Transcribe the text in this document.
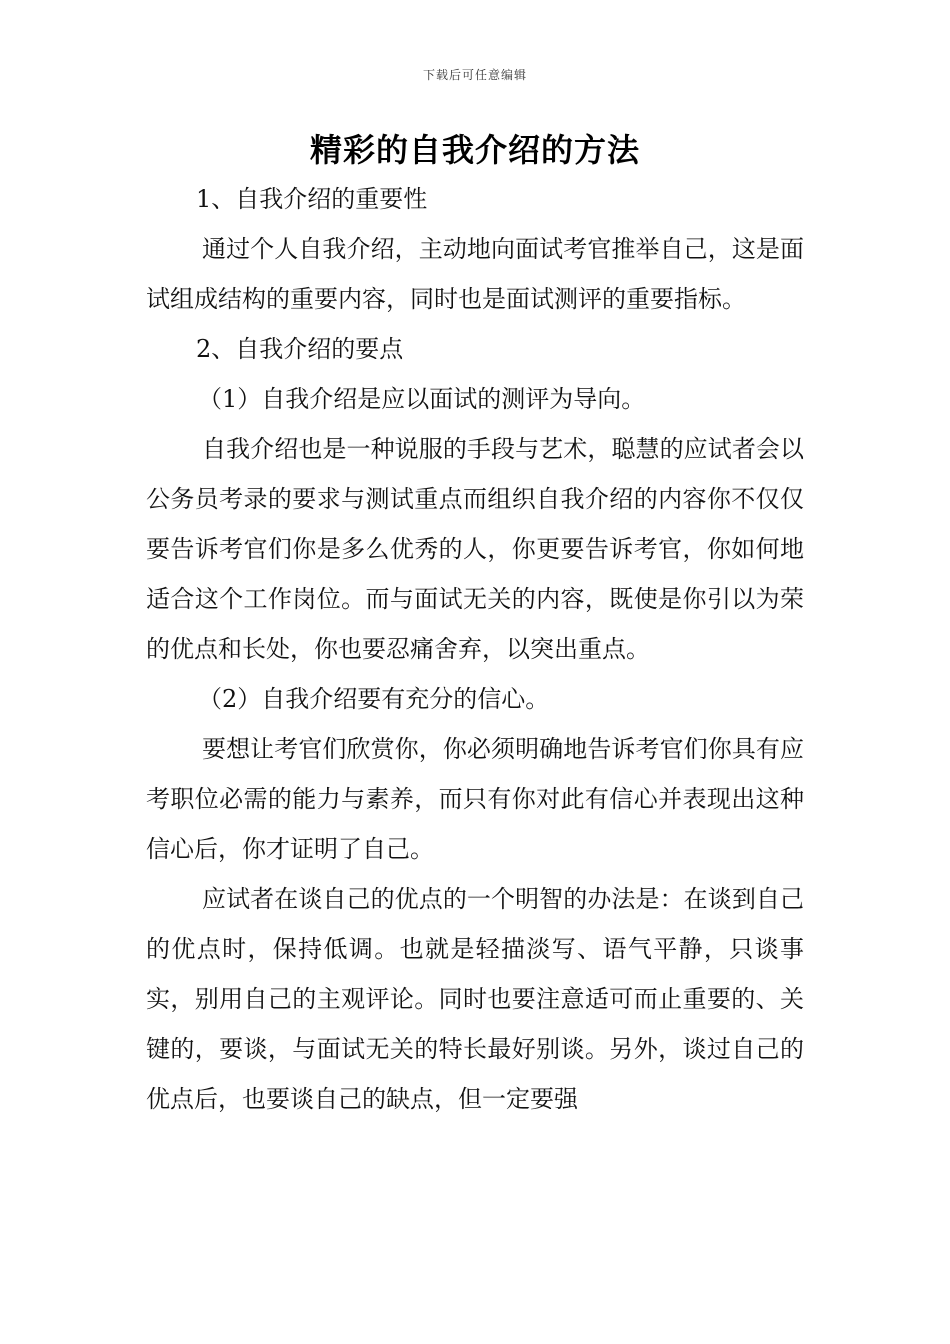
下载后可任意编辑
精彩的自我介绍的方法

1、自我介绍的重要性

通过个人自我介绍，主动地向面试考官推举自己，这是面试组成结构的重要内容，同时也是面试测评的重要指标。

2、自我介绍的要点

（1）自我介绍是应以面试的测评为导向。

自我介绍也是一种说服的手段与艺术，聪慧的应试者会以公务员考录的要求与测试重点而组织自我介绍的内容你不仅仅要告诉考官们你是多么优秀的人，你更要告诉考官，你如何地适合这个工作岗位。而与面试无关的内容，既使是你引以为荣的优点和长处，你也要忍痛舍弃，以突出重点。

（2）自我介绍要有充分的信心。

要想让考官们欣赏你，你必须明确地告诉考官们你具有应考职位必需的能力与素养，而只有你对此有信心并表现出这种信心后，你才证明了自己。

应试者在谈自己的优点的一个明智的办法是：在谈到自己的优点时，保持低调。也就是轻描淡写、语气平静，只谈事实，别用自己的主观评论。同时也要注意适可而止重要的、关键的，要谈，与面试无关的特长最好别谈。另外，谈过自己的优点后，也要谈自己的缺点，但一定要强
